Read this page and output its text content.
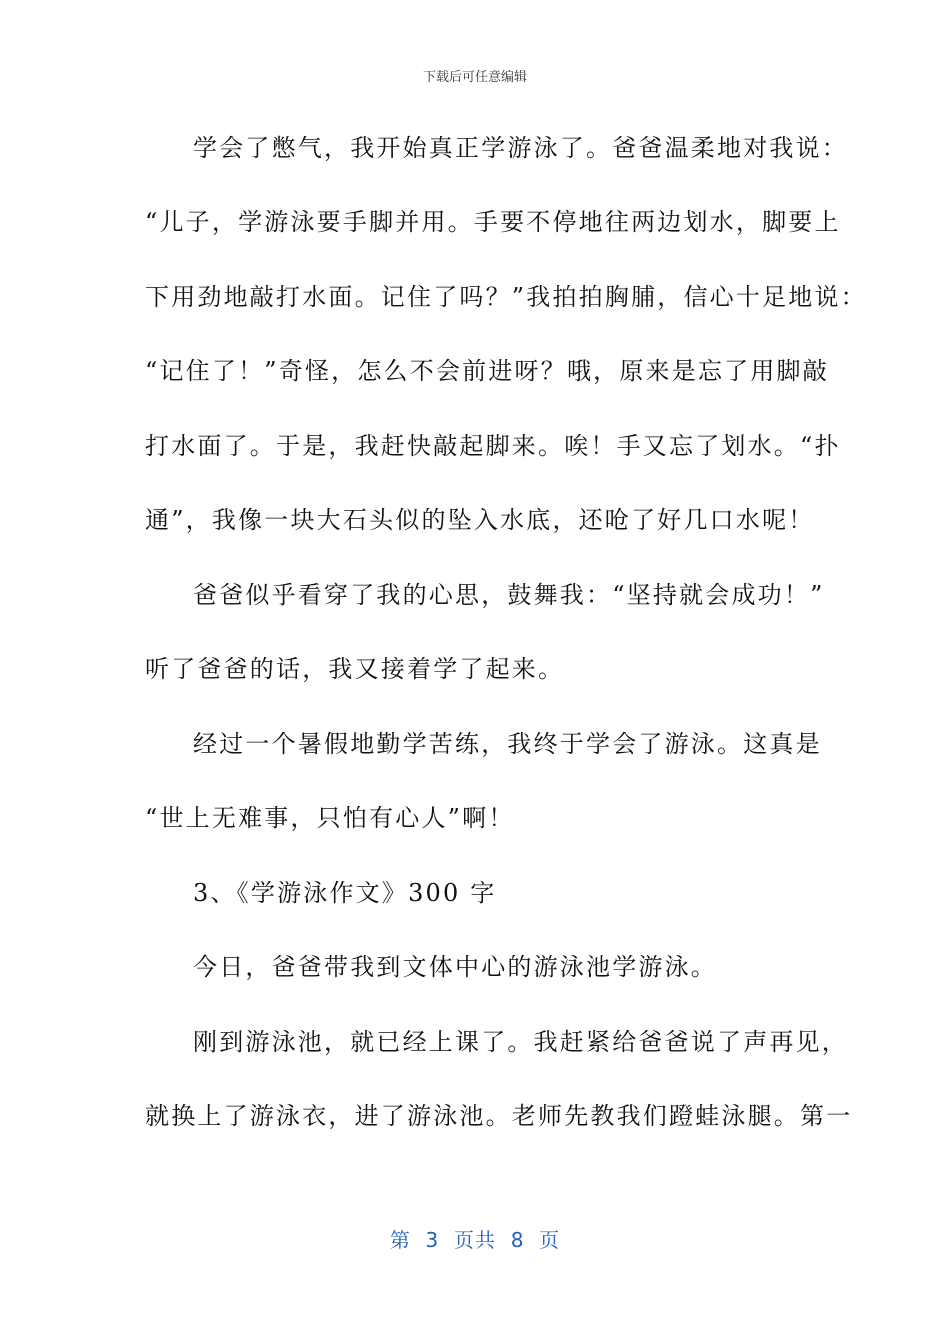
下载后可任意编辑
学会了憋气，我开始真正学游泳了。爸爸温柔地对我说：
“儿子，学游泳要手脚并用。手要不停地往两边划水，脚要上
下用劲地敲打水面。记住了吗？”我拍拍胸脯，信心十足地说：
“记住了！”奇怪，怎么不会前进呀？哦，原来是忘了用脚敲
打水面了。于是，我赶快敲起脚来。唉！手又忘了划水。“扑
通”，我像一块大石头似的坠入水底，还呛了好几口水呢！
爸爸似乎看穿了我的心思，鼓舞我：“坚持就会成功！”
听了爸爸的话，我又接着学了起来。
经过一个暑假地勤学苦练，我终于学会了游泳。这真是
“世上无难事，只怕有心人”啊！
3、《学游泳作文》300 字
今日，爸爸带我到文体中心的游泳池学游泳。
刚到游泳池，就已经上课了。我赶紧给爸爸说了声再见，
就换上了游泳衣，进了游泳池。老师先教我们蹬蛙泳腿。第一
第  3  页共  8  页
